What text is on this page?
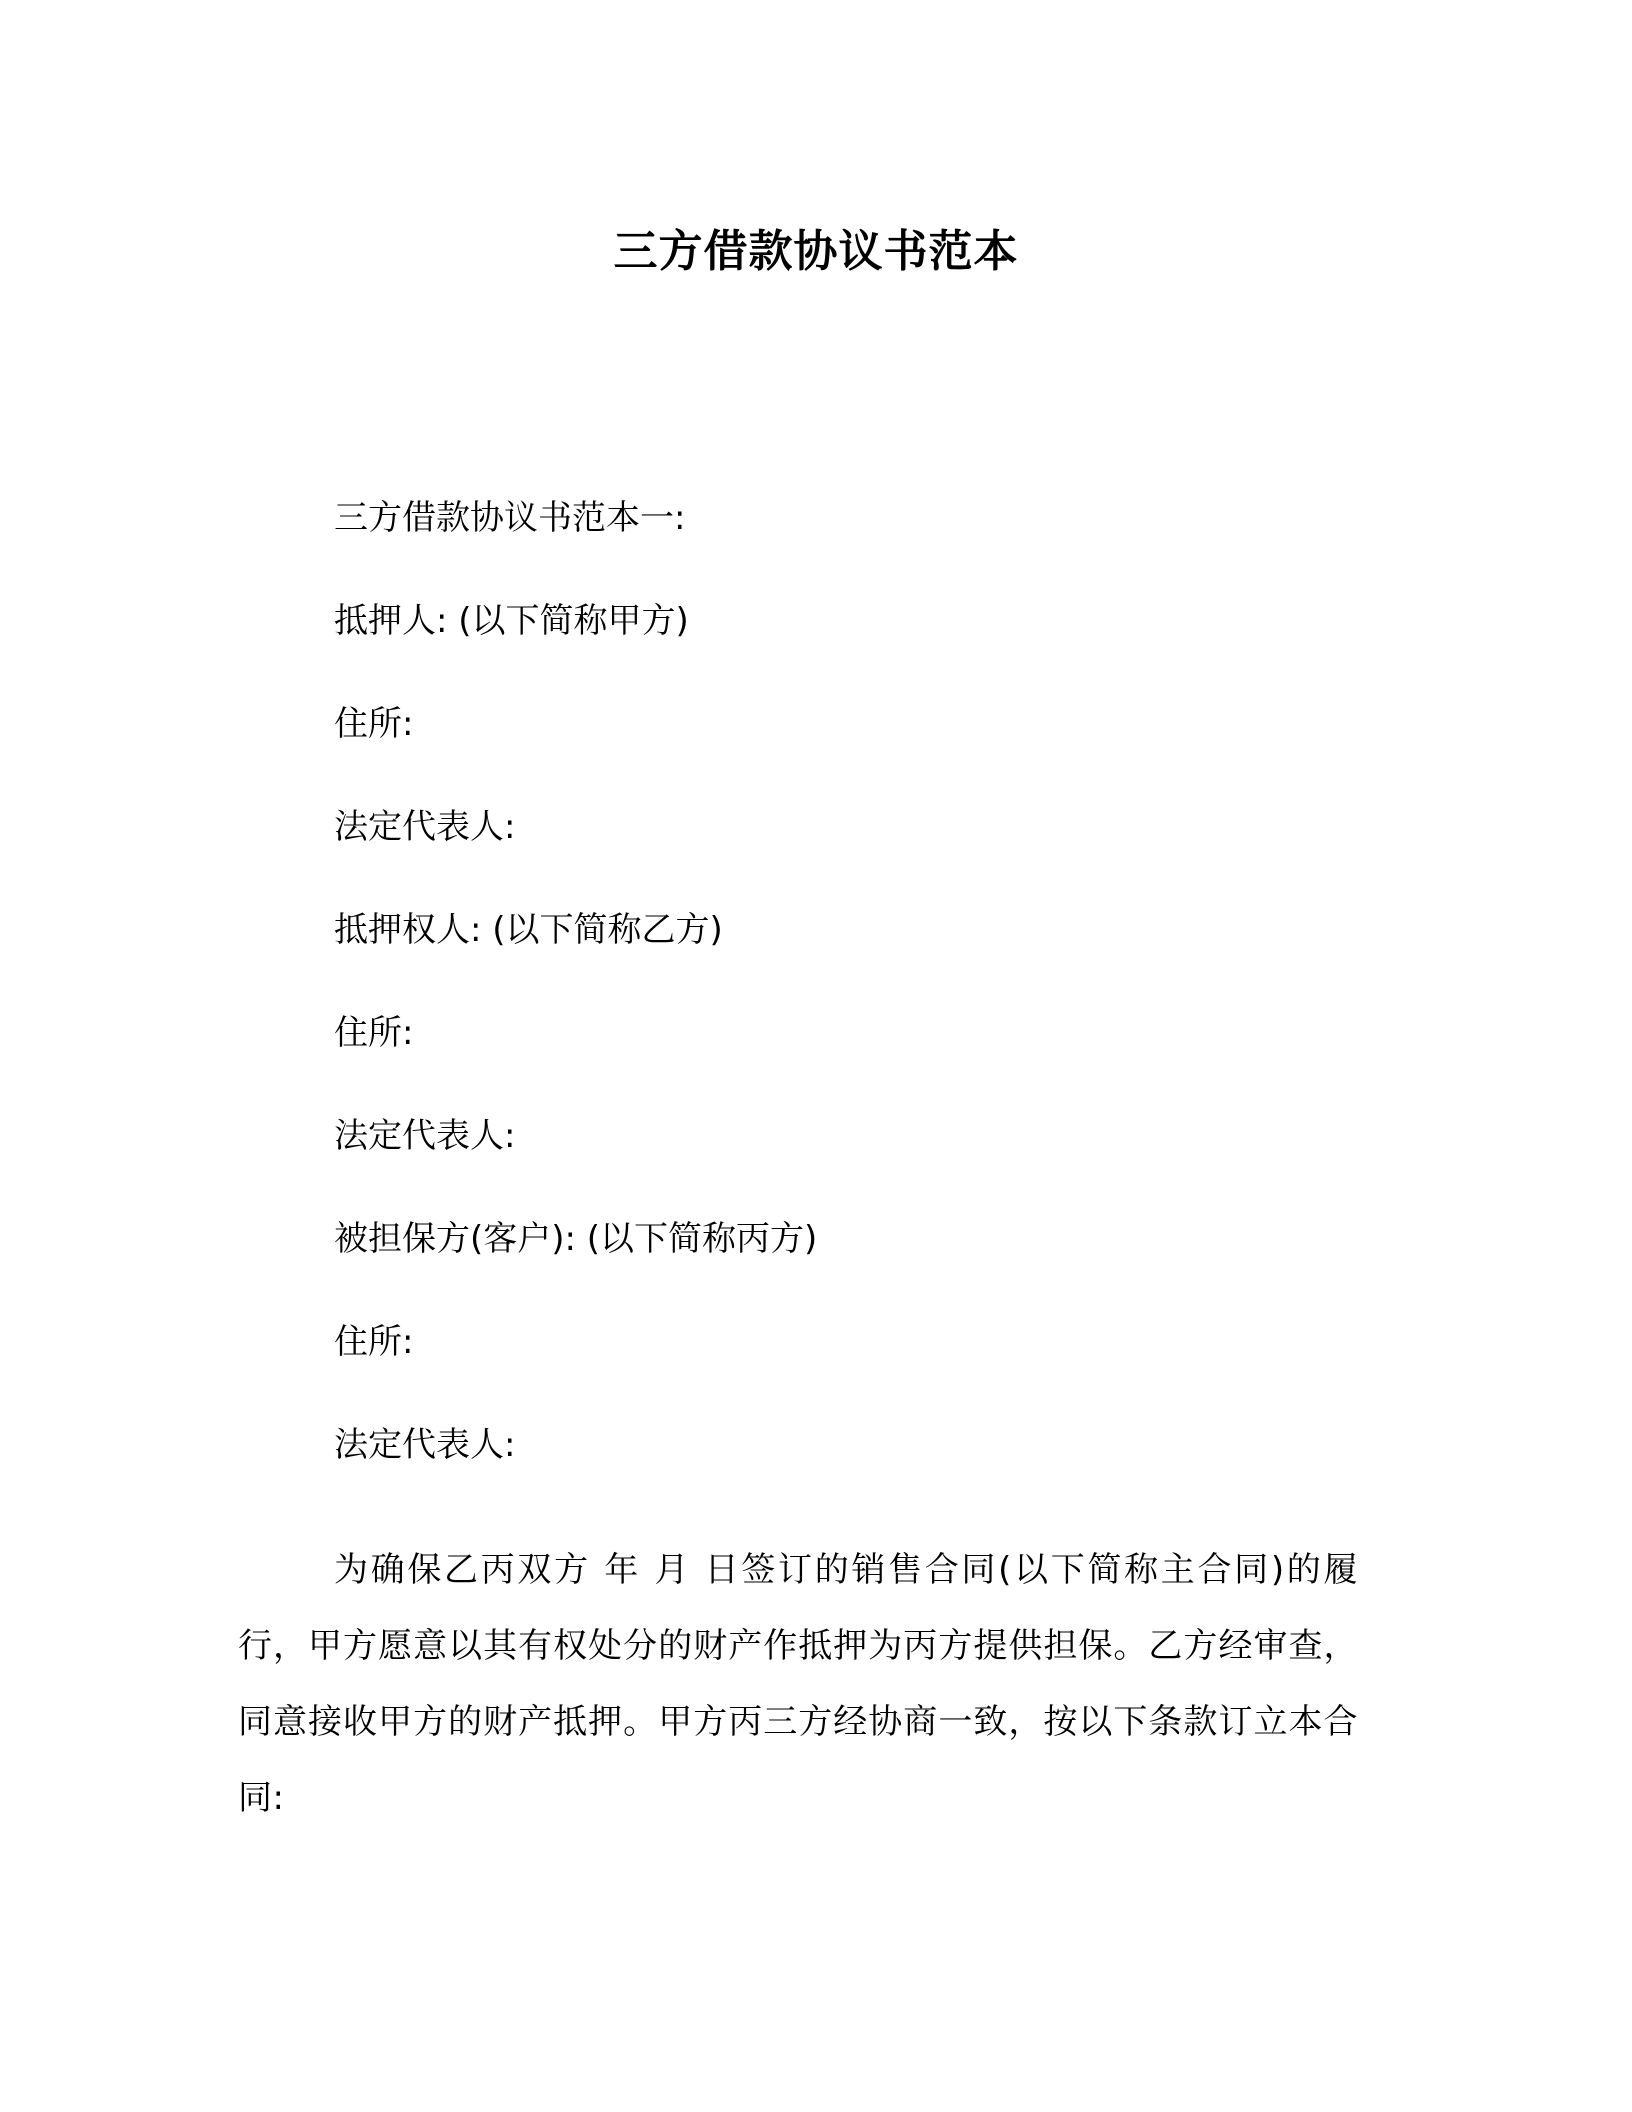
三方借款协议书范本

三方借款协议书范本一:

抵押人: (以下简称甲方)

住所:

法定代表人:

抵押权人: (以下简称乙方)

住所:

法定代表人:

被担保方(客户): (以下简称丙方)

住所:

法定代表人:

为确保乙丙双方 年 月 日签订的销售合同(以下简称主合同)的履行，甲方愿意以其有权处分的财产作抵押为丙方提供担保。乙方经审查，同意接收甲方的财产抵押。甲方丙三方经协商一致，按以下条款订立本合同:
